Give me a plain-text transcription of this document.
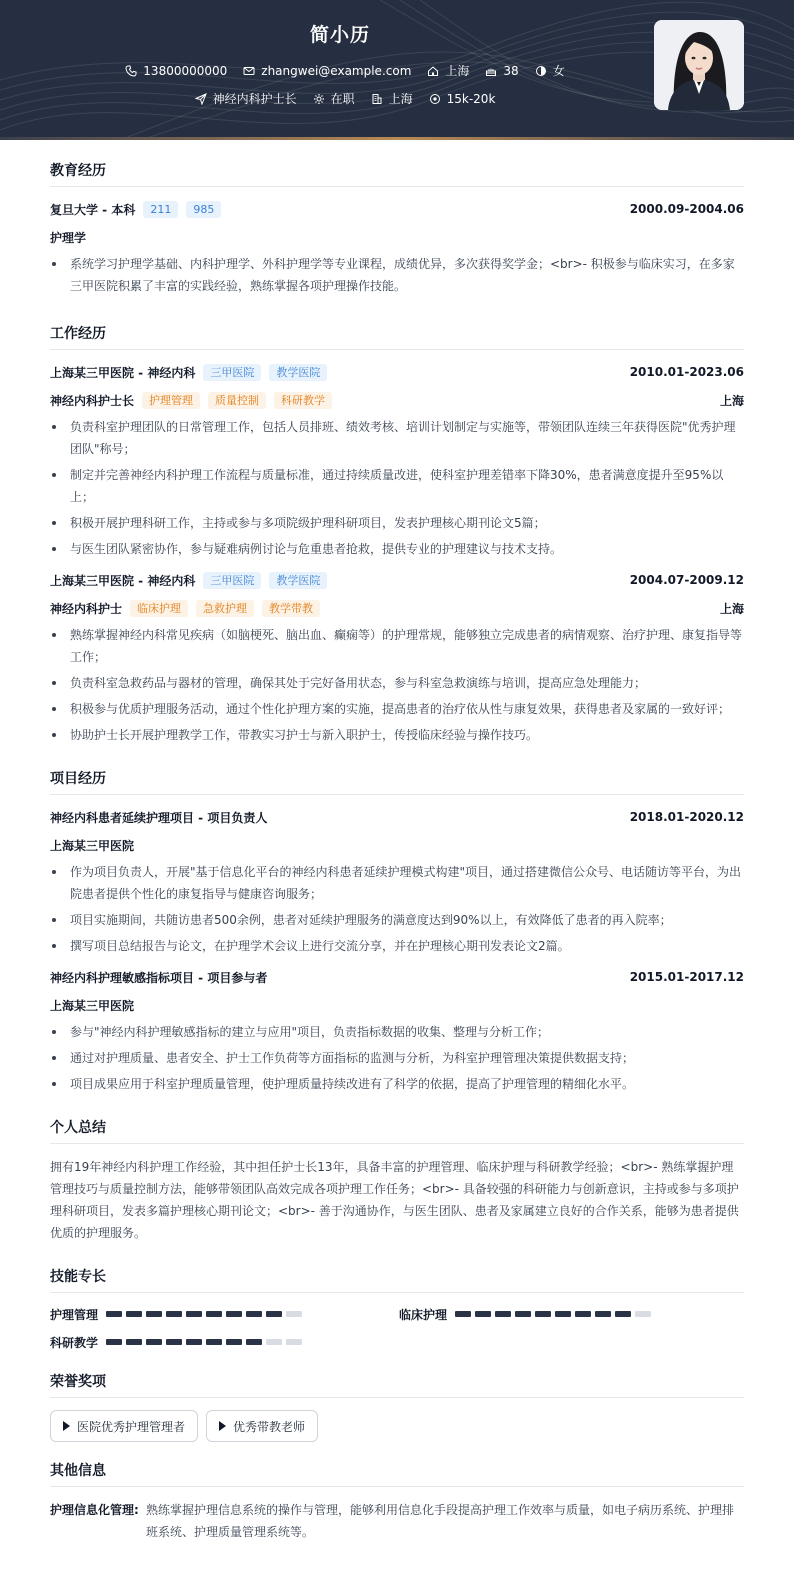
简小历
13800000000	zhangwei@example.com	上海	38	女
神经内科护士长	在职	上海	15k-20k
教育经历
复旦大学 - 本科	211	985	2000.09-2004.06
护理学
系统学习护理学基础、内科护理学、外科护理学等专业课程，成绩优异，多次获得奖学金；<br>- 积极参与临床实习，在多家三甲医院积累了丰富的实践经验，熟练掌握各项护理操作技能。
工作经历
上海某三甲医院 - 神经内科	三甲医院	教学医院	2010.01-2023.06
神经内科护士长	护理管理	质量控制	科研教学	上海
负责科室护理团队的日常管理工作，包括人员排班、绩效考核、培训计划制定与实施等，带领团队连续三年获得医院"优秀护理团队"称号；
制定并完善神经内科护理工作流程与质量标准，通过持续质量改进，使科室护理差错率下降30%，患者满意度提升至95%以上；
积极开展护理科研工作，主持或参与多项院级护理科研项目，发表护理核心期刊论文5篇；
与医生团队紧密协作，参与疑难病例讨论与危重患者抢救，提供专业的护理建议与技术支持。
上海某三甲医院 - 神经内科	三甲医院	教学医院	2004.07-2009.12
神经内科护士	临床护理	急救护理	教学带教	上海
熟练掌握神经内科常见疾病（如脑梗死、脑出血、癫痫等）的护理常规，能够独立完成患者的病情观察、治疗护理、康复指导等工作；
负责科室急救药品与器材的管理，确保其处于完好备用状态，参与科室急救演练与培训，提高应急处理能力；
积极参与优质护理服务活动，通过个性化护理方案的实施，提高患者的治疗依从性与康复效果，获得患者及家属的一致好评；
协助护士长开展护理教学工作，带教实习护士与新入职护士，传授临床经验与操作技巧。
项目经历
神经内科患者延续护理项目 - 项目负责人	2018.01-2020.12
上海某三甲医院
作为项目负责人，开展"基于信息化平台的神经内科患者延续护理模式构建"项目，通过搭建微信公众号、电话随访等平台，为出院患者提供个性化的康复指导与健康咨询服务；
项目实施期间，共随访患者500余例，患者对延续护理服务的满意度达到90%以上，有效降低了患者的再入院率；
撰写项目总结报告与论文，在护理学术会议上进行交流分享，并在护理核心期刊发表论文2篇。
神经内科护理敏感指标项目 - 项目参与者	2015.01-2017.12
上海某三甲医院
参与"神经内科护理敏感指标的建立与应用"项目，负责指标数据的收集、整理与分析工作；
通过对护理质量、患者安全、护士工作负荷等方面指标的监测与分析，为科室护理管理决策提供数据支持；
项目成果应用于科室护理质量管理，使护理质量持续改进有了科学的依据，提高了护理管理的精细化水平。
个人总结
拥有19年神经内科护理工作经验，其中担任护士长13年，具备丰富的护理管理、临床护理与科研教学经验；<br>- 熟练掌握护理管理技巧与质量控制方法，能够带领团队高效完成各项护理工作任务；<br>- 具备较强的科研能力与创新意识，主持或参与多项护理科研项目，发表多篇护理核心期刊论文；<br>- 善于沟通协作，与医生团队、患者及家属建立良好的合作关系，能够为患者提供优质的护理服务。
技能专长
护理管理	临床护理
科研教学
荣誉奖项
医院优秀护理管理者	优秀带教老师
其他信息
护理信息化管理: 熟练掌握护理信息系统的操作与管理，能够利用信息化手段提高护理工作效率与质量，如电子病历系统、护理排班系统、护理质量管理系统等。
